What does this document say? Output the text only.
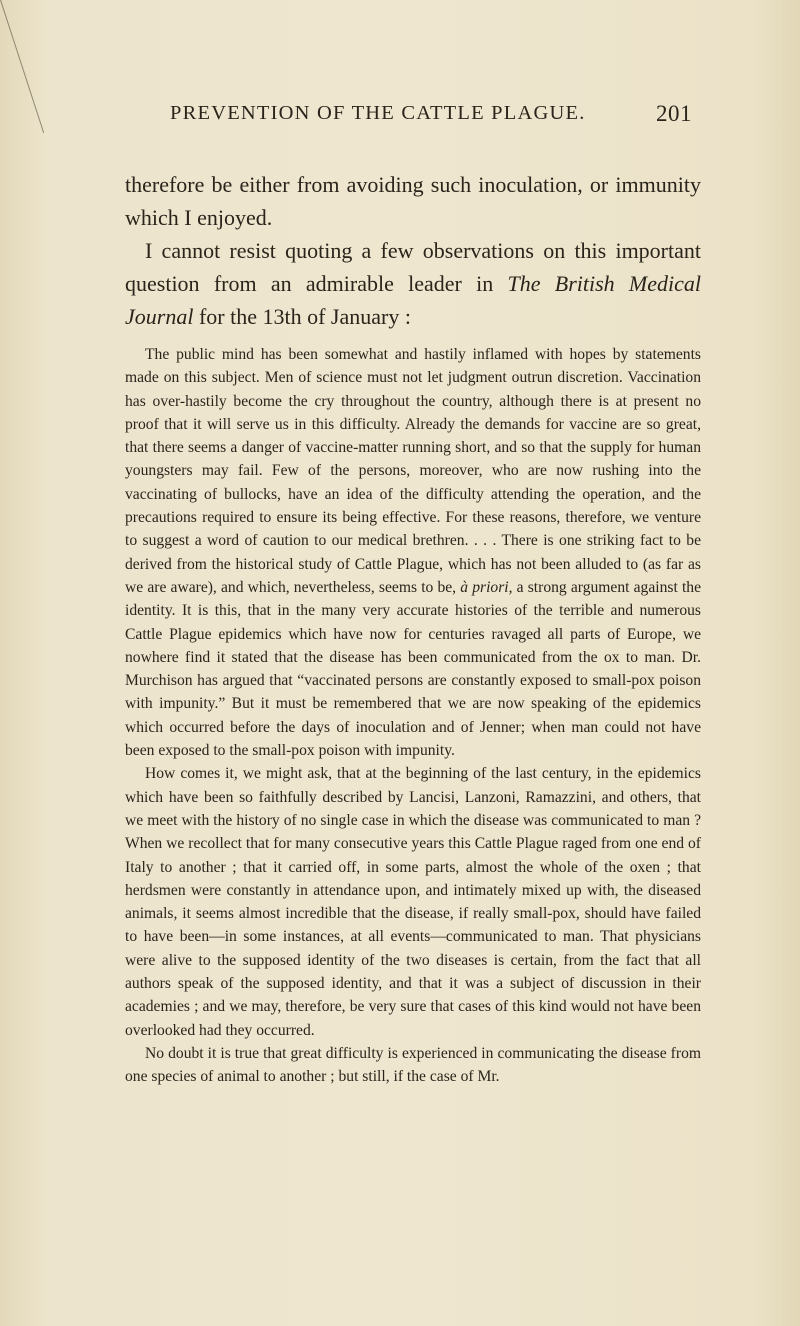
PREVENTION OF THE CATTLE PLAGUE.	201

therefore be either from avoiding such inoculation, or immunity which I enjoyed.

I cannot resist quoting a few observations on this important question from an admirable leader in The British Medical Journal for the 13th of January :

The public mind has been somewhat and hastily inflamed with hopes by statements made on this subject. Men of science must not let judgment outrun discretion. Vaccination has over-hastily become the cry throughout the country, although there is at present no proof that it will serve us in this difficulty. Already the demands for vaccine are so great, that there seems a danger of vaccine-matter running short, and so that the supply for human youngsters may fail. Few of the persons, moreover, who are now rushing into the vaccinating of bullocks, have an idea of the difficulty attending the operation, and the precautions required to ensure its being effective. For these reasons, therefore, we venture to suggest a word of caution to our medical brethren. . . . There is one striking fact to be derived from the historical study of Cattle Plague, which has not been alluded to (as far as we are aware), and which, nevertheless, seems to be, à priori, a strong argument against the identity. It is this, that in the many very accurate histories of the terrible and numerous Cattle Plague epidemics which have now for centuries ravaged all parts of Europe, we nowhere find it stated that the disease has been communicated from the ox to man. Dr. Murchison has argued that “vaccinated persons are constantly exposed to small-pox poison with impunity.” But it must be remembered that we are now speaking of the epidemics which occurred before the days of inoculation and of Jenner; when man could not have been exposed to the small-pox poison with impunity.

How comes it, we might ask, that at the beginning of the last century, in the epidemics which have been so faithfully described by Lancisi, Lanzoni, Ramazzini, and others, that we meet with the history of no single case in which the disease was communicated to man ? When we recollect that for many consecutive years this Cattle Plague raged from one end of Italy to another ; that it carried off, in some parts, almost the whole of the oxen ; that herdsmen were constantly in attendance upon, and intimately mixed up with, the diseased animals, it seems almost incredible that the disease, if really small-pox, should have failed to have been—in some instances, at all events—communicated to man. That physicians were alive to the supposed identity of the two diseases is certain, from the fact that all authors speak of the supposed identity, and that it was a subject of discussion in their academies ; and we may, therefore, be very sure that cases of this kind would not have been overlooked had they occurred.

No doubt it is true that great difficulty is experienced in communicating the disease from one species of animal to another ; but still, if the case of Mr.
